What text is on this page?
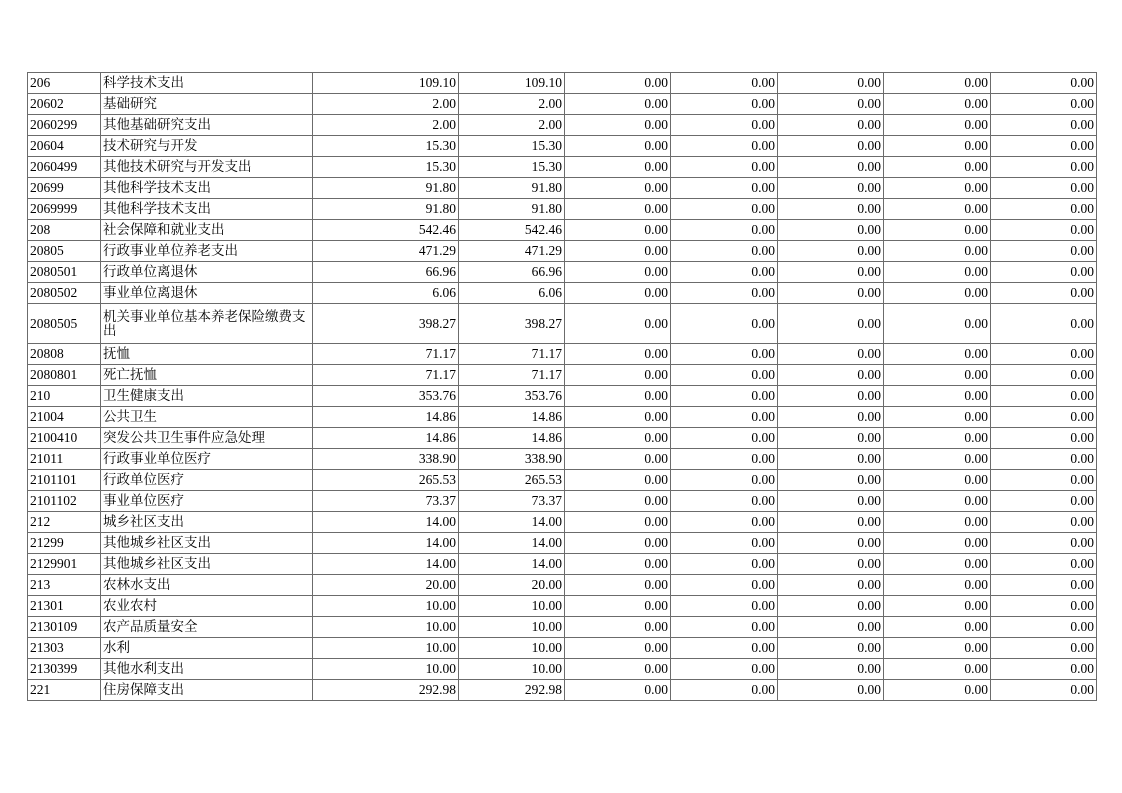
206	科学技术支出	109.10	109.10	0.00	0.00	0.00	0.00	0.00
20602	基础研究	2.00	2.00	0.00	0.00	0.00	0.00	0.00
2060299	其他基础研究支出	2.00	2.00	0.00	0.00	0.00	0.00	0.00
20604	技术研究与开发	15.30	15.30	0.00	0.00	0.00	0.00	0.00
2060499	其他技术研究与开发支出	15.30	15.30	0.00	0.00	0.00	0.00	0.00
20699	其他科学技术支出	91.80	91.80	0.00	0.00	0.00	0.00	0.00
2069999	其他科学技术支出	91.80	91.80	0.00	0.00	0.00	0.00	0.00
208	社会保障和就业支出	542.46	542.46	0.00	0.00	0.00	0.00	0.00
20805	行政事业单位养老支出	471.29	471.29	0.00	0.00	0.00	0.00	0.00
2080501	行政单位离退休	66.96	66.96	0.00	0.00	0.00	0.00	0.00
2080502	事业单位离退休	6.06	6.06	0.00	0.00	0.00	0.00	0.00
2080505	机关事业单位基本养老保险缴费支出	398.27	398.27	0.00	0.00	0.00	0.00	0.00
20808	抚恤	71.17	71.17	0.00	0.00	0.00	0.00	0.00
2080801	死亡抚恤	71.17	71.17	0.00	0.00	0.00	0.00	0.00
210	卫生健康支出	353.76	353.76	0.00	0.00	0.00	0.00	0.00
21004	公共卫生	14.86	14.86	0.00	0.00	0.00	0.00	0.00
2100410	突发公共卫生事件应急处理	14.86	14.86	0.00	0.00	0.00	0.00	0.00
21011	行政事业单位医疗	338.90	338.90	0.00	0.00	0.00	0.00	0.00
2101101	行政单位医疗	265.53	265.53	0.00	0.00	0.00	0.00	0.00
2101102	事业单位医疗	73.37	73.37	0.00	0.00	0.00	0.00	0.00
212	城乡社区支出	14.00	14.00	0.00	0.00	0.00	0.00	0.00
21299	其他城乡社区支出	14.00	14.00	0.00	0.00	0.00	0.00	0.00
2129901	其他城乡社区支出	14.00	14.00	0.00	0.00	0.00	0.00	0.00
213	农林水支出	20.00	20.00	0.00	0.00	0.00	0.00	0.00
21301	农业农村	10.00	10.00	0.00	0.00	0.00	0.00	0.00
2130109	农产品质量安全	10.00	10.00	0.00	0.00	0.00	0.00	0.00
21303	水利	10.00	10.00	0.00	0.00	0.00	0.00	0.00
2130399	其他水利支出	10.00	10.00	0.00	0.00	0.00	0.00	0.00
221	住房保障支出	292.98	292.98	0.00	0.00	0.00	0.00	0.00
